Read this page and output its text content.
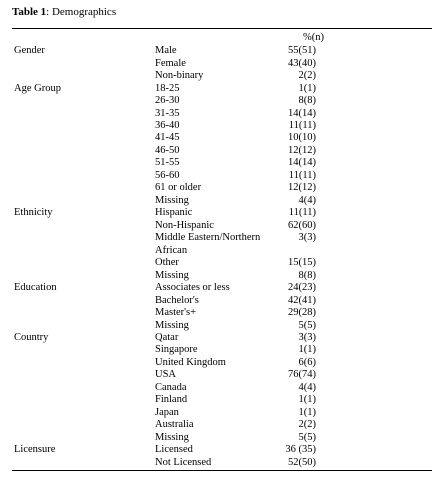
Table 1: Demographics
%(n)
Gender	Male	55(51)
Female	43(40)
Non-binary	2(2)
Age Group	18-25	1(1)
26-30	8(8)
31-35	14(14)
36-40	11(11)
41-45	10(10)
46-50	12(12)
51-55	14(14)
56-60	11(11)
61 or older	12(12)
Missing	4(4)
Ethnicity	Hispanic	11(11)
Non-Hispanic	62(60)
Middle Eastern/Northern	3(3)
African
Other	15(15)
Missing	8(8)
Education	Associates or less	24(23)
Bachelor's	42(41)
Master's+	29(28)
Missing	5(5)
Country	Qatar	3(3)
Singapore	1(1)
United Kingdom	6(6)
USA	76(74)
Canada	4(4)
Finland	1(1)
Japan	1(1)
Australia	2(2)
Missing	5(5)
Licensure	Licensed	36 (35)
Not Licensed	52(50)
